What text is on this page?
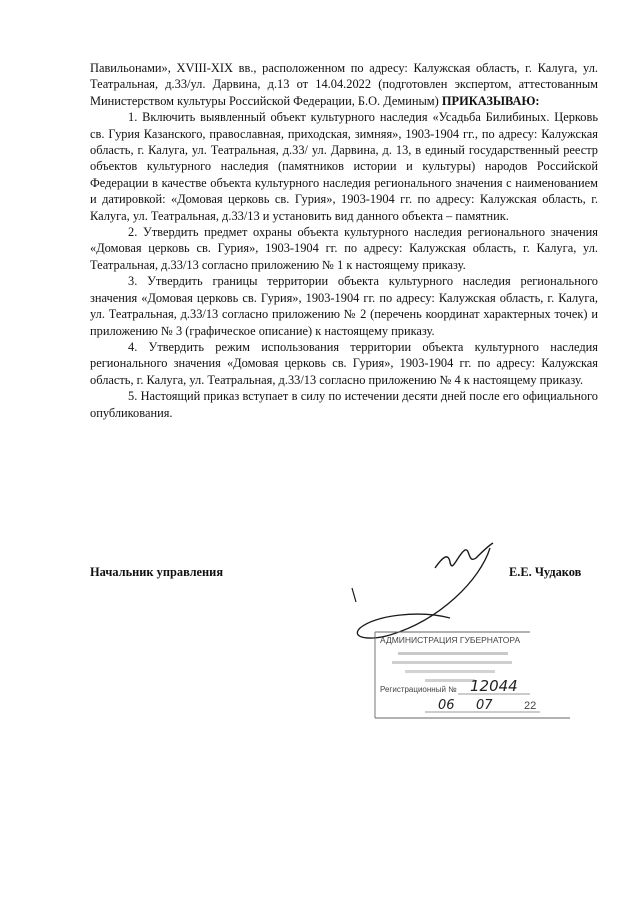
Павильонами», XVIII-XIX вв., расположенном по адресу: Калужская область, г. Калуга, ул. Театральная, д.33/ул. Дарвина, д.13 от 14.04.2022 (подготовлен экспертом, аттестованным Министерством культуры Российской Федерации, Б.О. Деминым) ПРИКАЗЫВАЮ:

1. Включить выявленный объект культурного наследия «Усадьба Билибиных. Церковь св. Гурия Казанского, православная, приходская, зимняя», 1903-1904 гг., по адресу: Калужская область, г. Калуга, ул. Театральная, д.33/ ул. Дарвина, д. 13, в единый государственный реестр объектов культурного наследия (памятников истории и культуры) народов Российской Федерации в качестве объекта культурного наследия регионального значения с наименованием и датировкой: «Домовая церковь св. Гурия», 1903-1904 гг. по адресу: Калужская область, г. Калуга, ул. Театральная, д.33/13 и установить вид данного объекта – памятник.

2. Утвердить предмет охраны объекта культурного наследия регионального значения «Домовая церковь св. Гурия», 1903-1904 гг. по адресу: Калужская область, г. Калуга, ул. Театральная, д.33/13 согласно приложению № 1 к настоящему приказу.

3. Утвердить границы территории объекта культурного наследия регионального значения «Домовая церковь св. Гурия», 1903-1904 гг. по адресу: Калужская область, г. Калуга, ул. Театральная, д.33/13 согласно приложению № 2 (перечень координат характерных точек) и приложению № 3 (графическое описание) к настоящему приказу.

4. Утвердить режим использования территории объекта культурного наследия регионального значения «Домовая церковь св. Гурия», 1903-1904 гг. по адресу: Калужская область, г. Калуга, ул. Театральная, д.33/13 согласно приложению № 4 к настоящему приказу.

5. Настоящий приказ вступает в силу по истечении десяти дней после его официального опубликования.

Начальник управления	Е.Е. Чудаков
АДМИНИСТРАЦИЯ ГУБЕРНАТОРА
Регистрационный № 12044
06 07	22
